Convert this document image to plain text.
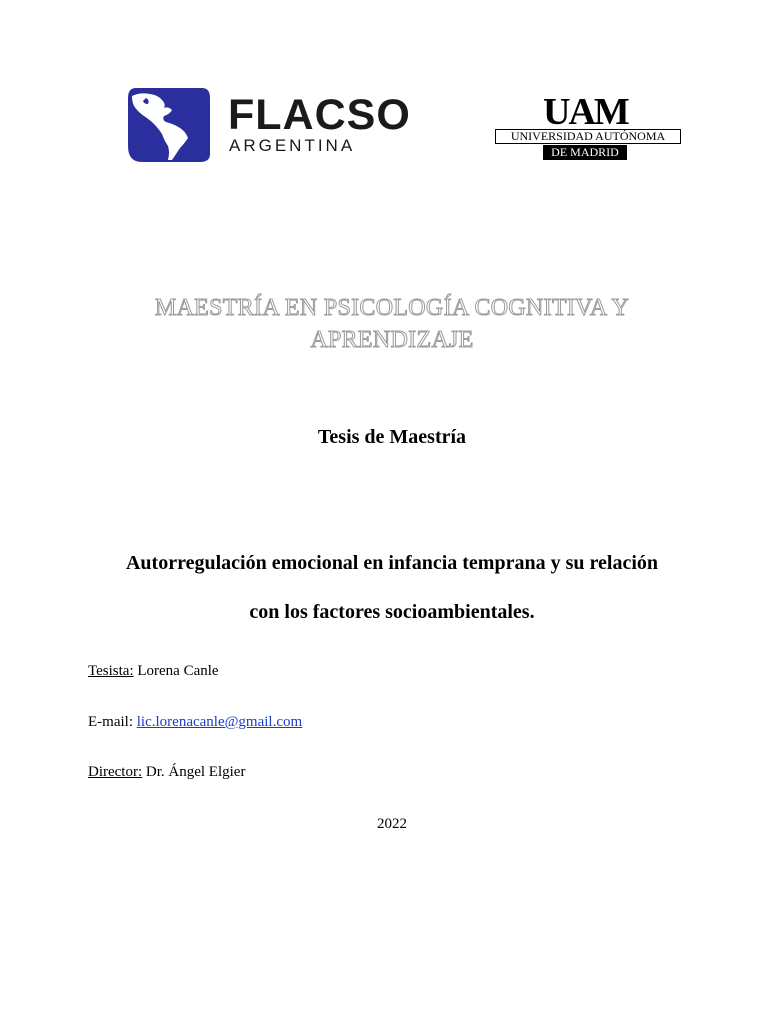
FLACSO
ARGENTINA
UAM
UNIVERSIDAD AUTÓNOMA
DE MADRID
MAESTRÍA EN PSICOLOGÍA COGNITIVA Y
APRENDIZAJE
Tesis de Maestría
Autorregulación emocional en infancia temprana y su relación
con los factores socioambientales.
Tesista: Lorena Canle
E-mail: lic.lorenacanle@gmail.com
Director: Dr. Ángel Elgier
2022
